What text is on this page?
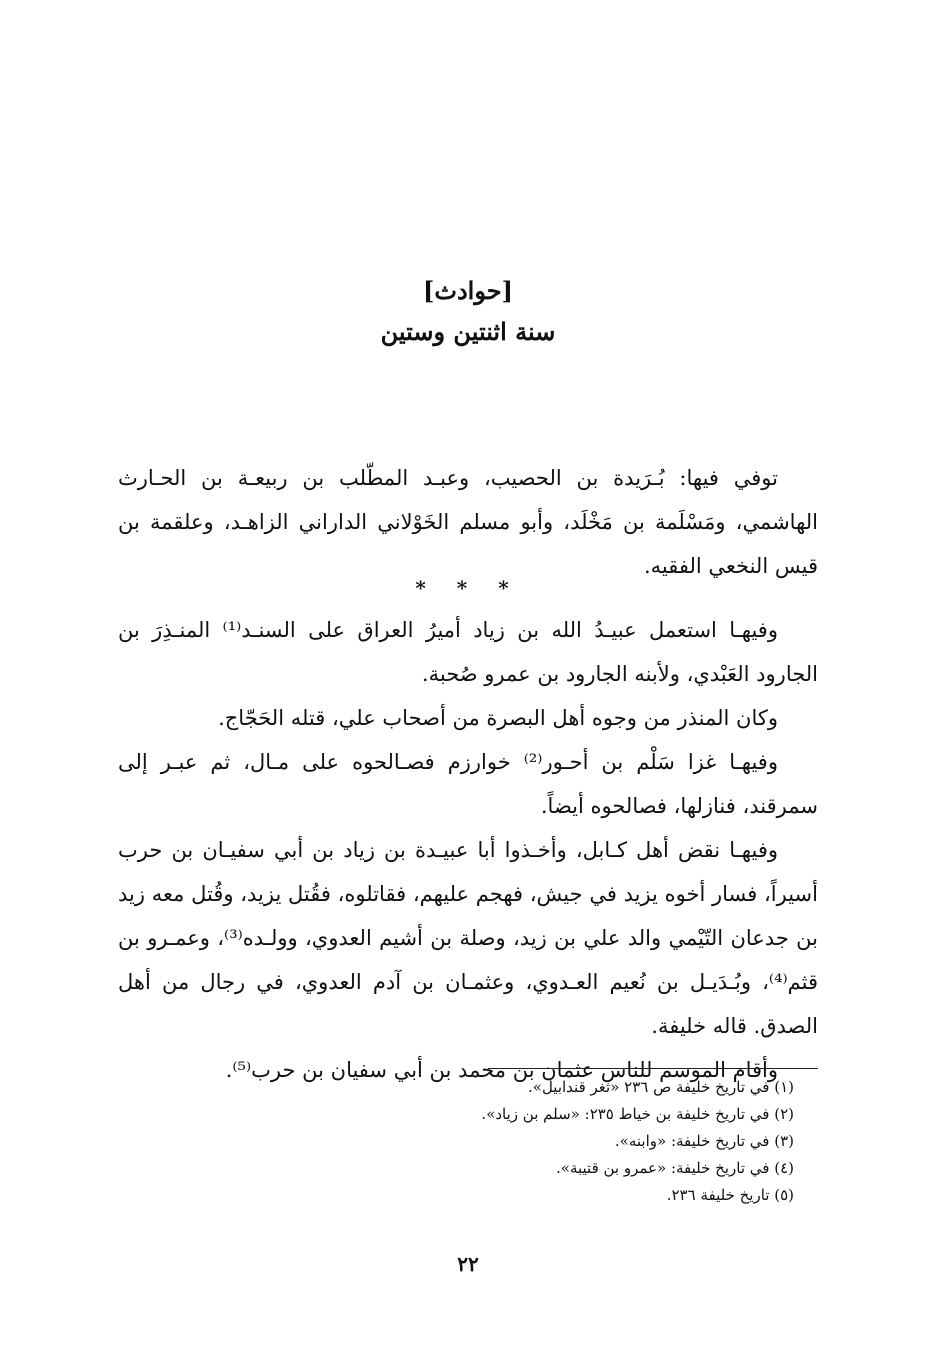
[حوادث]
سنة اثنتين وستين
توفي فيها: بُـرَيدة بن الحصيب، وعبـد المطّلب بن ربيعـة بن الحـارث الهاشمي، ومَسْلَمة بن مَخْلَد، وأبو مسلم الخَوْلاني الداراني الزاهـد، وعلقمة بن قيس النخعي الفقيه.
* * *

وفيهـا استعمل عبيـدُ الله بن زياد أميرُ العراق على السنـد⁽¹⁾ المنـذِرَ بن الجارود العَبْدي، ولأبنه الجارود بن عمرو صُحبة.

وكان المنذر من وجوه أهل البصرة من أصحاب علي، قتله الحَجّاج.

وفيهـا غزا سَلْم بن أحـور⁽²⁾ خوارزم فصـالحوه على مـال، ثم عبـر إلى سمرقند، فنازلها، فصالحوه أيضاً.

وفيهـا نقض أهل كـابل، وأخـذوا أبا عبيـدة بن زياد بن أبي سفيـان بن حرب أسيراً، فسار أخوه يزيد في جيش، فهجم عليهم، فقاتلوه، فقُتل يزيد، وقُتل معه زيد بن جدعان التّيْمي والد علي بن زيد، وصلة بن أشيم العدوي، وولـده⁽³⁾، وعمـرو بن قثم⁽⁴⁾، وبُـدَيـل بن نُعيم العـدوي، وعثمـان بن آدم العدوي، في رجال من أهل الصدق. قاله خليفة.

وأقام الموسم للناس عثمان بن محمد بن أبي سفيان بن حرب⁽⁵⁾.

(١) في تاريخ خليفة ص ٢٣٦ «ثغر قندابيل».
(٢) في تاريخ خليفة بن خياط ٢٣٥: «سلم بن زياد».
(٣) في تاريخ خليفة: «وابنه».
(٤) في تاريخ خليفة: «عمرو بن قتيبة».
(٥) تاريخ خليفة ٢٣٦.
٢٢
